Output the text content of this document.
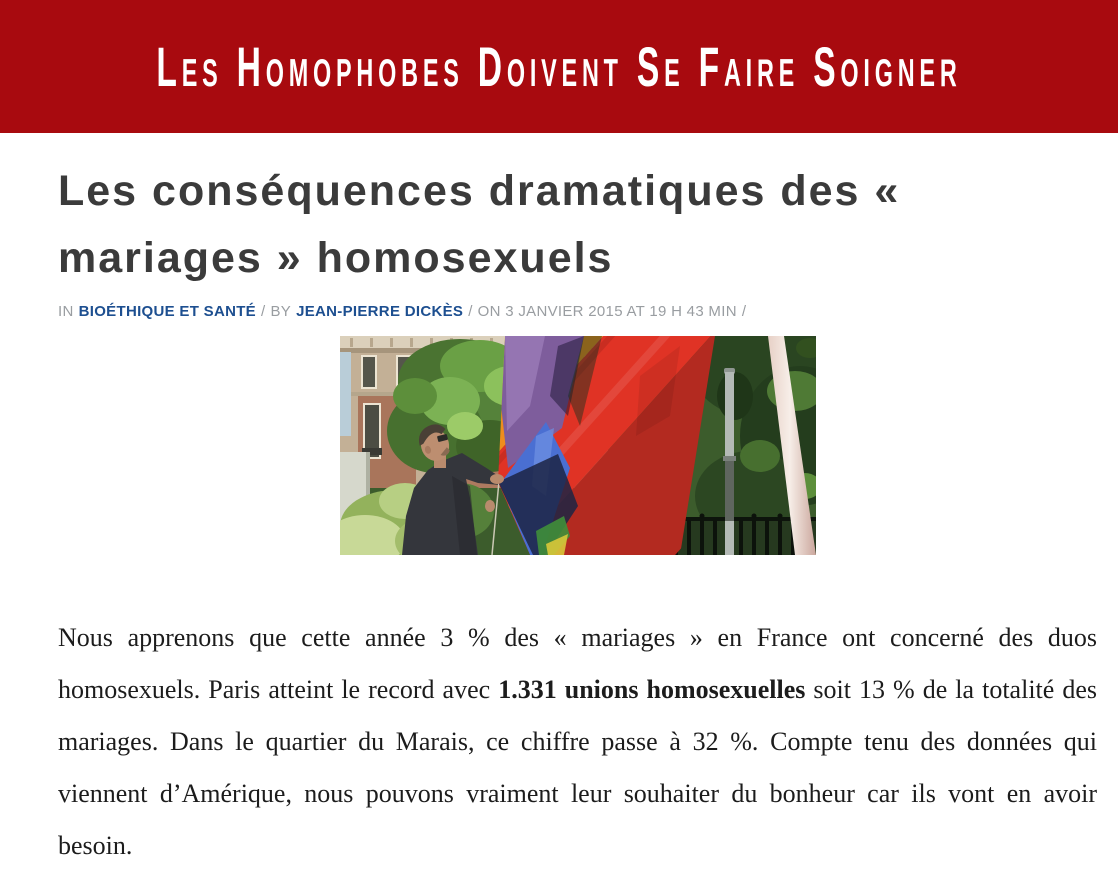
Les Homophobes Doivent Se Faire Soigner
Les conséquences dramatiques des «
mariages » homosexuels
IN BIOÉTHIQUE ET SANTÉ / BY JEAN-PIERRE DICKÈS / ON 3 JANVIER 2015 AT 19 H 43 MIN /

Nous apprenons que cette année 3 % des « mariages » en France ont concerné des duos homosexuels. Paris atteint le record avec 1.331 unions homosexuelles soit 13 % de la totalité des mariages. Dans le quartier du Marais, ce chiffre passe à 32 %. Compte tenu des données qui viennent d’Amérique, nous pouvons vraiment leur souhaiter du bonheur car ils vont en avoir besoin.
